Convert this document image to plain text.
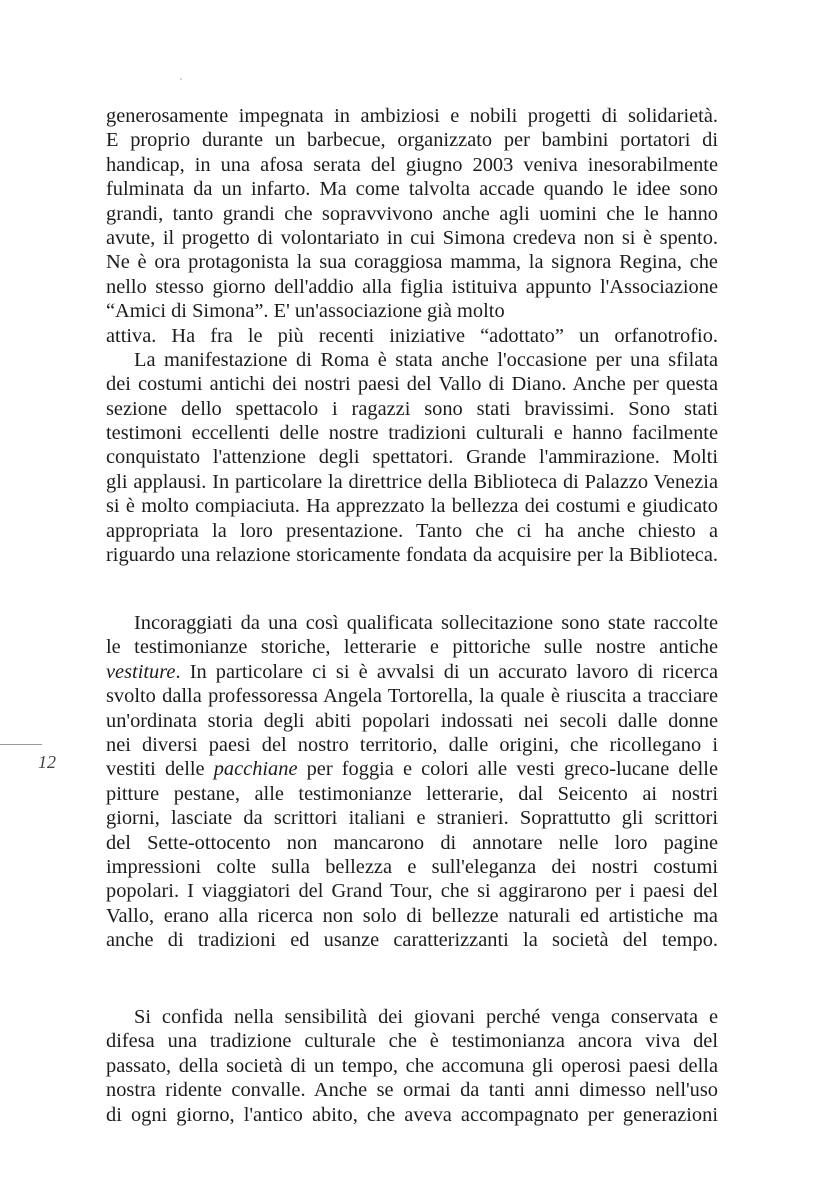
generosamente impegnata in ambiziosi e nobili progetti di solidarietà.
E proprio durante un barbecue, organizzato per bambini portatori di
handicap, in una afosa serata del giugno 2003 veniva inesorabilmente
fulminata da un infarto. Ma come talvolta accade quando le idee sono
grandi, tanto grandi che sopravvivono anche agli uomini che le hanno
avute, il progetto di volontariato in cui Simona credeva non si è spento.
Ne è ora protagonista la sua coraggiosa mamma, la signora Regina, che
nello stesso giorno dell'addio alla figlia istituiva appunto l'Associazione
“Amici di Simona”. E' un'associazione già molto
attiva. Ha fra le più recenti iniziative “adottato” un orfanotrofio.
La manifestazione di Roma è stata anche l'occasione per una sfilata
dei costumi antichi dei nostri paesi del Vallo di Diano. Anche per questa
sezione dello spettacolo i ragazzi sono stati bravissimi. Sono stati
testimoni eccellenti delle nostre tradizioni culturali e hanno facilmente
conquistato l'attenzione degli spettatori. Grande l'ammirazione. Molti
gli applausi. In particolare la direttrice della Biblioteca di Palazzo Venezia
si è molto compiaciuta. Ha apprezzato la bellezza dei costumi e giudicato
appropriata la loro presentazione. Tanto che ci ha anche chiesto a
riguardo una relazione storicamente fondata da acquisire per la Biblioteca.
Incoraggiati da una così qualificata sollecitazione sono state raccolte
le testimonianze storiche, letterarie e pittoriche sulle nostre antiche
vestiture. In particolare ci si è avvalsi di un accurato lavoro di ricerca
svolto dalla professoressa Angela Tortorella, la quale è riuscita a tracciare
un'ordinata storia degli abiti popolari indossati nei secoli dalle donne
nei diversi paesi del nostro territorio, dalle origini, che ricollegano i
vestiti delle pacchiane per foggia e colori alle vesti greco-lucane delle
pitture pestane, alle testimonianze letterarie, dal Seicento ai nostri
giorni, lasciate da scrittori italiani e stranieri. Soprattutto gli scrittori
del Sette-ottocento non mancarono di annotare nelle loro pagine
impressioni colte sulla bellezza e sull'eleganza dei nostri costumi
popolari. I viaggiatori del Grand Tour, che si aggirarono per i paesi del
Vallo, erano alla ricerca non solo di bellezze naturali ed artistiche ma
anche di tradizioni ed usanze caratterizzanti la società del tempo.
Si confida nella sensibilità dei giovani perché venga conservata e
difesa una tradizione culturale che è testimonianza ancora viva del
passato, della società di un tempo, che accomuna gli operosi paesi della
nostra ridente convalle. Anche se ormai da tanti anni dimesso nell'uso
di ogni giorno, l'antico abito, che aveva accompagnato per generazioni
12
